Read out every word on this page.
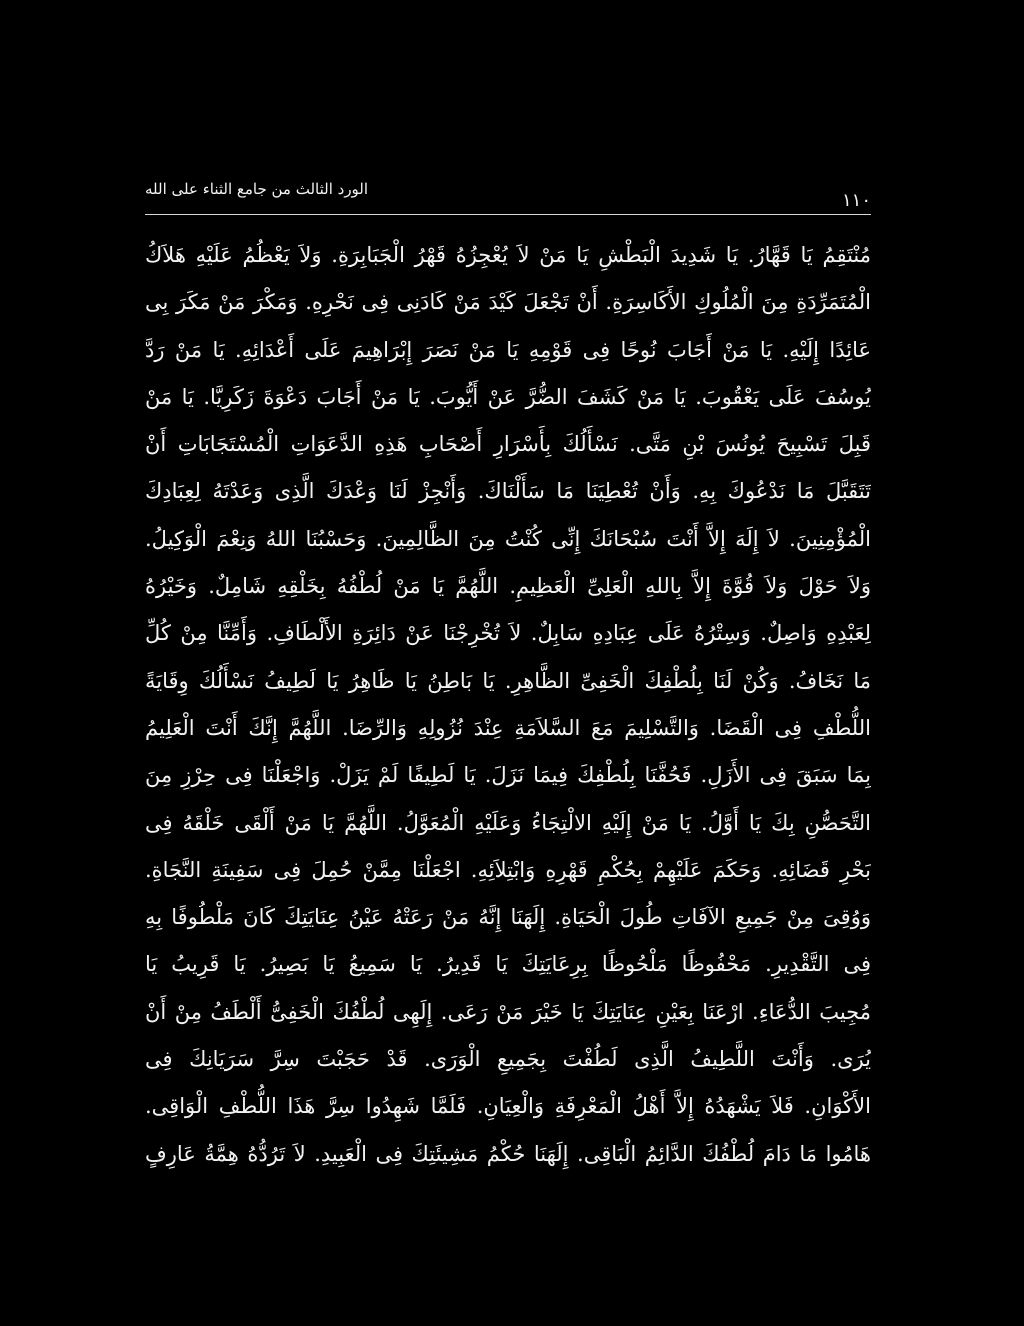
الورد الثالث من جامع الثناء على الله
١١٠
مُنْتَقِمُ يَا قَهَّارُ. يَا شَدِيدَ الْبَطْشِ يَا مَنْ لاَ يُعْجِزُهُ قَهْرُ الْجَبَابِرَةِ. وَلاَ يَعْظُمُ عَلَيْهِ هَلاَكُ
الْمُتَمَرِّدَةِ مِنَ الْمُلُوكِ الأَكَاسِرَةِ. أَنْ تَجْعَلَ كَيْدَ مَنْ كَادَنِى فِى نَحْرِهِ. وَمَكْرَ مَنْ مَكَرَ بِى
عَائِدًا إِلَيْهِ. يَا مَنْ أَجَابَ نُوحًا فِى قَوْمِهِ يَا مَنْ نَصَرَ إِبْرَاهِيمَ عَلَى أَعْدَائِهِ. يَا مَنْ رَدَّ
يُوسُفَ عَلَى يَعْقُوبَ. يَا مَنْ كَشَفَ الضُّرَّ عَنْ أَيُّوبَ. يَا مَنْ أَجَابَ دَعْوَةَ زَكَرِيَّا. يَا مَنْ
قَبِلَ تَسْبِيحَ يُونُسَ بْنِ مَتَّى. نَسْأَلُكَ بِأَسْرَارِ أَصْحَابِ هَذِهِ الدَّعَوَاتِ الْمُسْتَجَابَاتِ أَنْ
تَتَقَبَّلَ مَا نَدْعُوكَ بِهِ. وَأَنْ تُعْطِيَنَا مَا سَأَلْنَاكَ. وَأَنْجِزْ لَنَا وَعْدَكَ الَّذِى وَعَدْتَهُ لِعِبَادِكَ
الْمُؤْمِنِينَ. لاَ إِلَهَ إِلاَّ أَنْتَ سُبْحَانَكَ إِنِّى كُنْتُ مِنَ الظَّالِمِينَ. وَحَسْبُنَا اللهُ وَنِعْمَ الْوَكِيلُ.
وَلاَ حَوْلَ وَلاَ قُوَّةَ إِلاَّ بِاللهِ الْعَلِىِّ الْعَظِيمِ. اللَّهُمَّ يَا مَنْ لُطْفُهُ بِخَلْقِهِ شَامِلٌ. وَخَيْرُهُ
لِعَبْدِهِ وَاصِلٌ. وَسِتْرُهُ عَلَى عِبَادِهِ سَابِلٌ. لاَ تُخْرِجْنَا عَنْ دَائِرَةِ الأَلْطَافِ. وَأَمِّنَّا مِنْ كُلِّ
مَا نَخَافُ. وَكُنْ لَنَا بِلُطْفِكَ الْخَفِىِّ الظَّاهِرِ. يَا بَاطِنُ يَا ظَاهِرُ يَا لَطِيفُ نَسْأَلُكَ وِقَايَةً
اللُّطْفِ فِى الْقَضَا. وَالتَّسْلِيمَ مَعَ السَّلاَمَةِ عِنْدَ نُزُولِهِ وَالرِّضَا. اللَّهُمَّ إِنَّكَ أَنْتَ الْعَلِيمُ
بِمَا سَبَقَ فِى الأَزَلِ. فَحُفَّنَا بِلُطْفِكَ فِيمَا نَزَلَ. يَا لَطِيفًا لَمْ يَزَلْ. وَاجْعَلْنَا فِى حِرْزِ مِنَ
التَّحَصُّنِ بِكَ يَا أَوَّلُ. يَا مَنْ إِلَيْهِ الالْتِجَاءُ وَعَلَيْهِ الْمُعَوَّلُ. اللَّهُمَّ يَا مَنْ أَلْقَى خَلْقَهُ فِى
بَحْرِ قَضَائِهِ. وَحَكَمَ عَلَيْهِمْ بِحُكْمِ قَهْرِهِ وَابْتِلاَئِهِ. اجْعَلْنَا مِمَّنْ حُمِلَ فِى سَفِينَةِ النَّجَاةِ.
وَوُقِىَ مِنْ جَمِيعِ الآفَاتِ طُولَ الْحَيَاةِ. إِلَهَنَا إِنَّهُ مَنْ رَعَتْهُ عَيْنُ عِنَايَتِكَ كَانَ مَلْطُوفًا بِهِ
فِى التَّقْدِيرِ. مَحْفُوظًا مَلْحُوظًا بِرِعَايَتِكَ يَا قَدِيرُ. يَا سَمِيعُ يَا بَصِيرُ. يَا قَرِيبُ يَا
مُجِيبَ الدُّعَاءِ. ارْعَنَا بِعَيْنِ عِنَايَتِكَ يَا خَيْرَ مَنْ رَعَى. إِلَهِى لُطْفُكَ الْخَفِىُّ أَلْطَفُ مِنْ أَنْ
يُرَى. وَأَنْتَ اللَّطِيفُ الَّذِى لَطُفْتَ بِجَمِيعِ الْوَرَى. قَدْ حَجَبْتَ سِرَّ سَرَيَانِكَ فِى
الأَكْوَانِ. فَلاَ يَشْهَدُهُ إِلاَّ أَهْلُ الْمَعْرِفَةِ وَالْعِيَانِ. فَلَمَّا شَهِدُوا سِرَّ هَذَا اللُّطْفِ الْوَاقِى.
هَامُوا مَا دَامَ لُطْفُكَ الدَّائِمُ الْبَاقِى. إِلَهَنَا حُكْمُ مَشِيئَتِكَ فِى الْعَبِيدِ. لاَ تَرُدُّهُ هِمَّةُ عَارِفٍ
